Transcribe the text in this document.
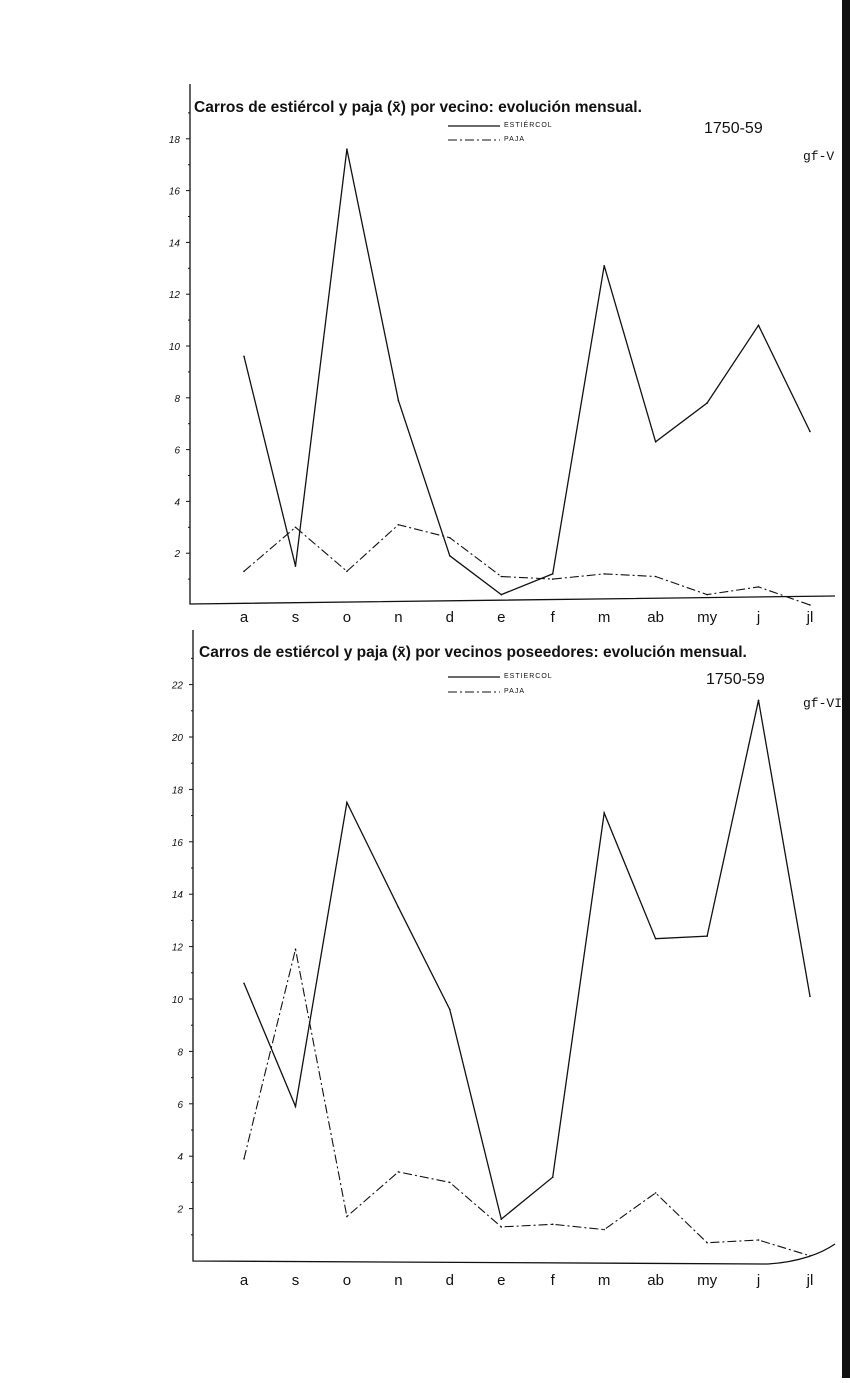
Carros de estiércol y paja (x̄) por vecino: evolución mensual.
1750-59
gf-V
ESTIÉRCOL
PAJA
2
4
6
8
10
12
14
16
18
a	s	o	n	d	e	f	m ab my	j	jl
Carros de estiércol y paja (x̄) por vecinos poseedores: evolución mensual.
1750-59
gf-VI
ESTIERCOL
PAJA
2
4
6
8
10
12
14
16
18
20
22
a	s	o	n	d	e	f	m ab my	j	jl
